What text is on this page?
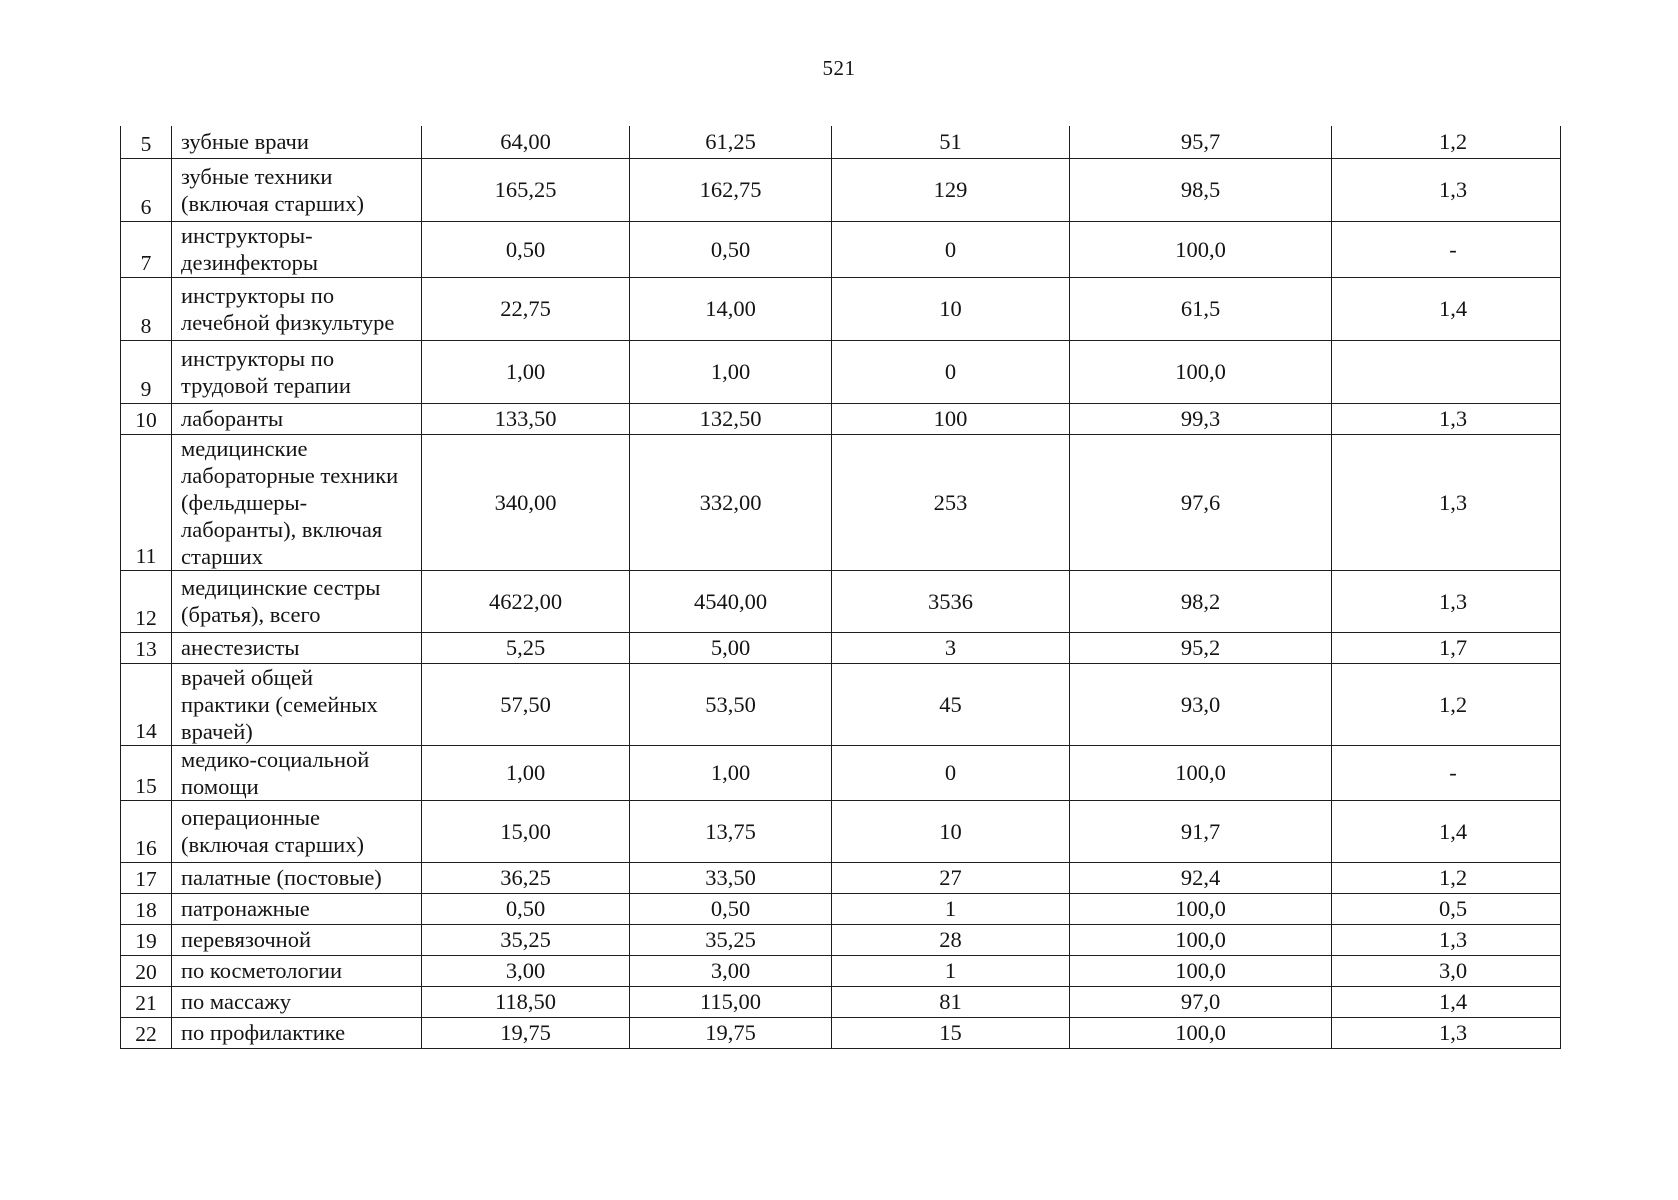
521
5	зубные врачи	64,00	61,25	51	95,7	1,2
6	зубные техники
(включая старших)	165,25	162,75	129	98,5	1,3
7	инструкторы-
дезинфекторы	0,50	0,50	0	100,0	-
8	инструкторы по
лечебной физкультуре	22,75	14,00	10	61,5	1,4
9	инструкторы по
трудовой терапии	1,00	1,00	0	100,0	
10	лаборанты	133,50	132,50	100	99,3	1,3
11	медицинские
лабораторные техники
(фельдшеры-
лаборанты), включая
старших	340,00	332,00	253	97,6	1,3
12	медицинские сестры
(братья), всего	4622,00	4540,00	3536	98,2	1,3
13	анестезисты	5,25	5,00	3	95,2	1,7
14	врачей общей
практики (семейных
врачей)	57,50	53,50	45	93,0	1,2
15	медико-социальной
помощи	1,00	1,00	0	100,0	-
16	операционные
(включая старших)	15,00	13,75	10	91,7	1,4
17	палатные (постовые)	36,25	33,50	27	92,4	1,2
18	патронажные	0,50	0,50	1	100,0	0,5
19	перевязочной	35,25	35,25	28	100,0	1,3
20	по косметологии	3,00	3,00	1	100,0	3,0
21	по массажу	118,50	115,00	81	97,0	1,4
22	по профилактике	19,75	19,75	15	100,0	1,3
